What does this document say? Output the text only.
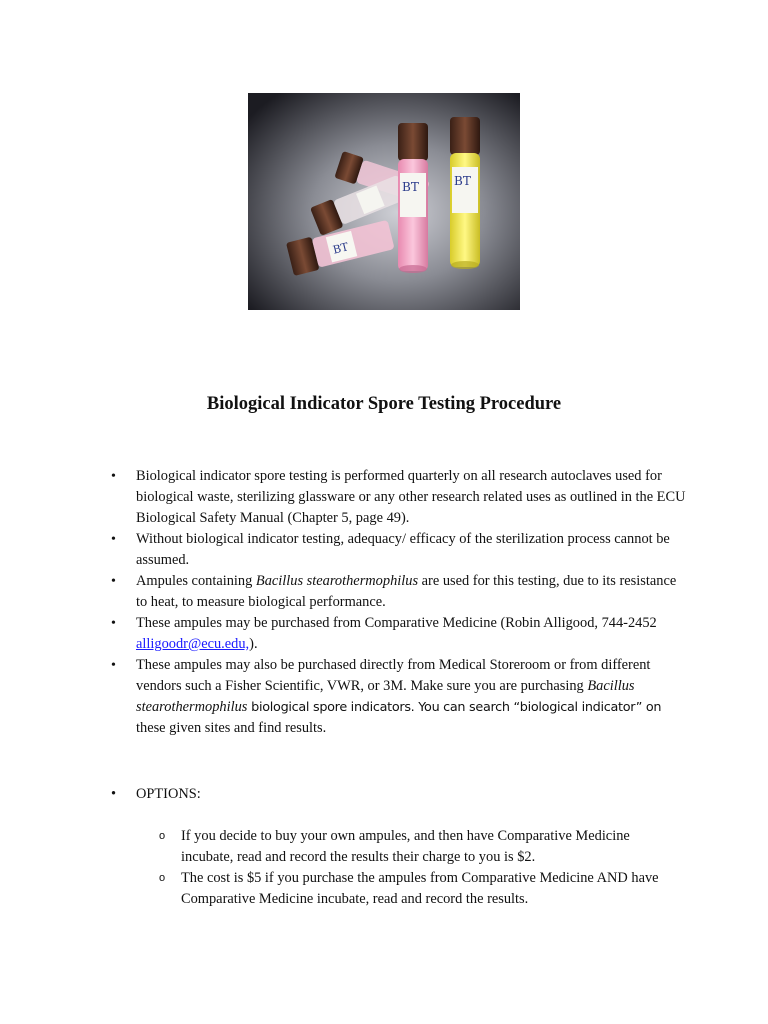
BT
BT	BT
Biological Indicator Spore Testing Procedure
• Biological indicator spore testing is performed quarterly on all research autoclaves used for biological waste, sterilizing glassware or any other research related uses as outlined in the ECU Biological Safety Manual (Chapter 5, page 49).
• Without biological indicator testing, adequacy/ efficacy of the sterilization process cannot be assumed.
• Ampules containing Bacillus stearothermophilus are used for this testing, due to its resistance to heat, to measure biological performance.
• These ampules may be purchased from Comparative Medicine (Robin Alligood, 744-2452 alligoodr@ecu.edu,).
• These ampules may also be purchased directly from Medical Storeroom or from different vendors such a Fisher Scientific, VWR, or 3M. Make sure you are purchasing Bacillus stearothermophilus biological spore indicators. You can search “biological indicator” on these given sites and find results.
• OPTIONS:
o If you decide to buy your own ampules, and then have Comparative Medicine incubate, read and record the results their charge to you is $2.
o The cost is $5 if you purchase the ampules from Comparative Medicine AND have Comparative Medicine incubate, read and record the results.
